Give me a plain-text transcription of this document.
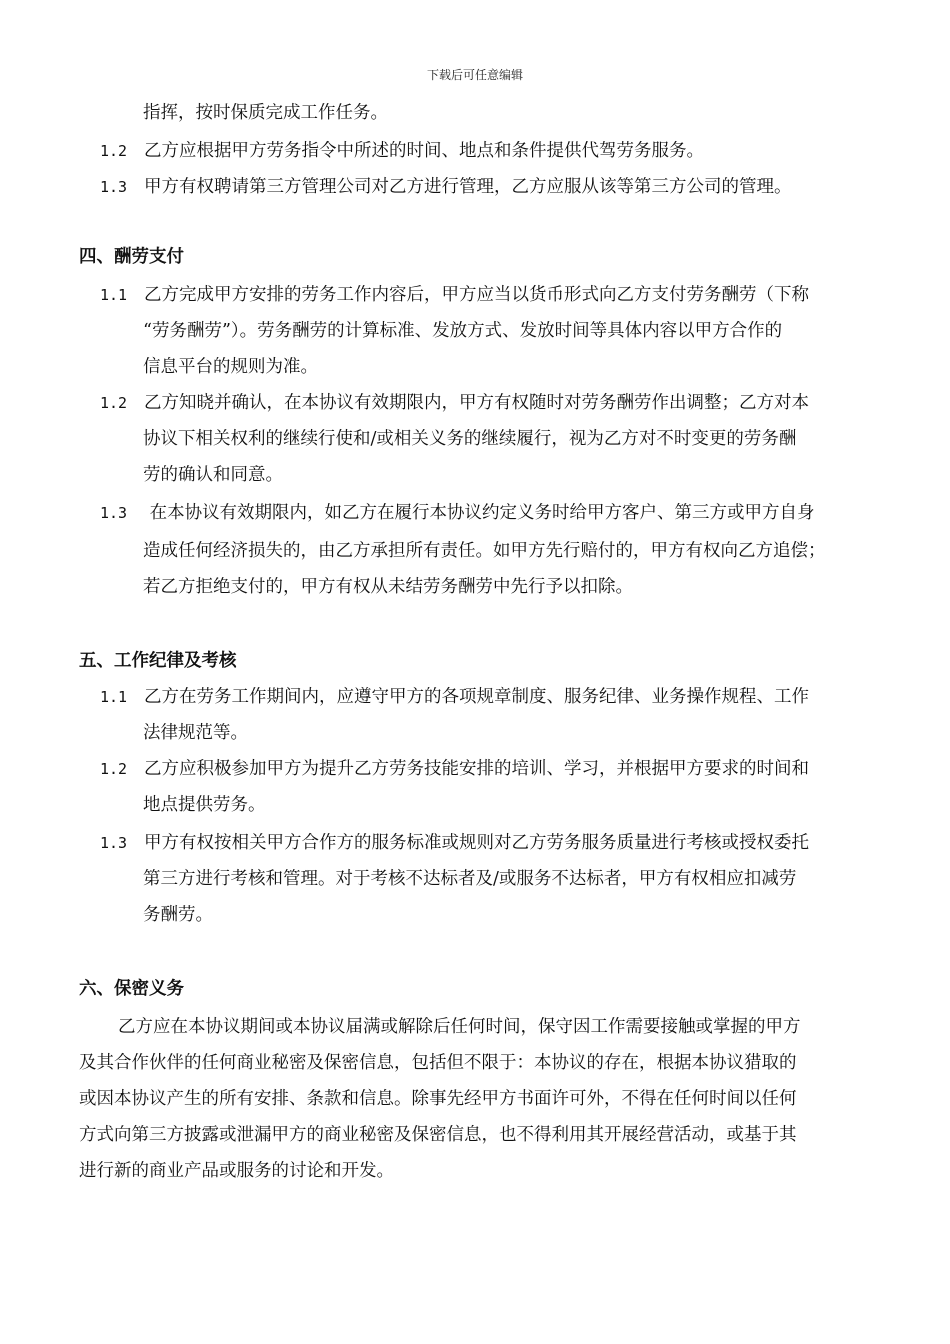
下载后可任意编辑
指挥，按时保质完成工作任务。
1.2 乙方应根据甲方劳务指令中所述的时间、地点和条件提供代驾劳务服务。
1.3 甲方有权聘请第三方管理公司对乙方进行管理，乙方应服从该等第三方公司的管理。
四、酬劳支付
1.1 乙方完成甲方安排的劳务工作内容后，甲方应当以货币形式向乙方支付劳务酬劳（下称
“劳务酬劳”）。劳务酬劳的计算标准、发放方式、发放时间等具体内容以甲方合作的
信息平台的规则为准。
1.2 乙方知晓并确认，在本协议有效期限内，甲方有权随时对劳务酬劳作出调整；乙方对本
协议下相关权利的继续行使和/或相关义务的继续履行，视为乙方对不时变更的劳务酬
劳的确认和同意。
1.3 在本协议有效期限内，如乙方在履行本协议约定义务时给甲方客户、第三方或甲方自身
造成任何经济损失的，由乙方承担所有责任。如甲方先行赔付的，甲方有权向乙方追偿；
若乙方拒绝支付的，甲方有权从未结劳务酬劳中先行予以扣除。
五、工作纪律及考核
1.1 乙方在劳务工作期间内，应遵守甲方的各项规章制度、服务纪律、业务操作规程、工作
法律规范等。
1.2 乙方应积极参加甲方为提升乙方劳务技能安排的培训、学习，并根据甲方要求的时间和
地点提供劳务。
1.3 甲方有权按相关甲方合作方的服务标准或规则对乙方劳务服务质量进行考核或授权委托
第三方进行考核和管理。对于考核不达标者及/或服务不达标者，甲方有权相应扣减劳
务酬劳。
六、保密义务
乙方应在本协议期间或本协议届满或解除后任何时间，保守因工作需要接触或掌握的甲方
及其合作伙伴的任何商业秘密及保密信息，包括但不限于：本协议的存在，根据本协议猎取的
或因本协议产生的所有安排、条款和信息。除事先经甲方书面许可外，不得在任何时间以任何
方式向第三方披露或泄漏甲方的商业秘密及保密信息，也不得利用其开展经营活动，或基于其
进行新的商业产品或服务的讨论和开发。
